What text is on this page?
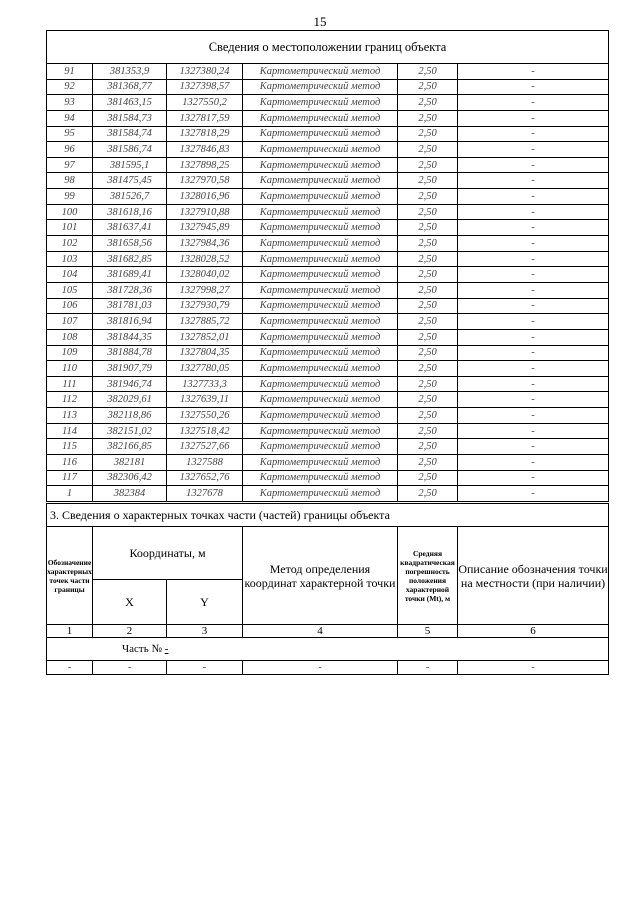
15
Сведения о местоположении границ объекта					
91	381353,9	1327380,24	Картометрический метод	2,50	-
92	381368,77	1327398,57	Картометрический метод	2,50	-
93	381463,15	1327550,2	Картометрический метод	2,50	-
94	381584,73	1327817,59	Картометрический метод	2,50	-
95	381584,74	1327818,29	Картометрический метод	2,50	-
96	381586,74	1327846,83	Картометрический метод	2,50	-
97	381595,1	1327898,25	Картометрический метод	2,50	-
98	381475,45	1327970,58	Картометрический метод	2,50	-
99	381526,7	1328016,96	Картометрический метод	2,50	-
100	381618,16	1327910,88	Картометрический метод	2,50	-
101	381637,41	1327945,89	Картометрический метод	2,50	-
102	381658,56	1327984,36	Картометрический метод	2,50	-
103	381682,85	1328028,52	Картометрический метод	2,50	-
104	381689,41	1328040,02	Картометрический метод	2,50	-
105	381728,36	1327998,27	Картометрический метод	2,50	-
106	381781,03	1327930,79	Картометрический метод	2,50	-
107	381816,94	1327885,72	Картометрический метод	2,50	-
108	381844,35	1327852,01	Картометрический метод	2,50	-
109	381884,78	1327804,35	Картометрический метод	2,50	-
110	381907,79	1327780,05	Картометрический метод	2,50	-
111	381946,74	1327733,3	Картометрический метод	2,50	-
112	382029,61	1327639,11	Картометрический метод	2,50	-
113	382118,86	1327550,26	Картометрический метод	2,50	-
114	382151,02	1327518,42	Картометрический метод	2,50	-
115	382166,85	1327527,66	Картометрический метод	2,50	-
116	382181	1327588	Картометрический метод	2,50	-
117	382306,42	1327652,76	Картометрический метод	2,50	-
1	382384	1327678	Картометрический метод	2,50	-
3. Сведения о характерных точках части (частей) границы объекта					
Обозначение характерных точек части границы	Координаты, м		Метод определения координат характерной точки	Средняя квадратическая погрешность положения характерной точки (Mt), м	Описание обозначения точки на местности (при наличии)
	X	Y			
1	2	3	4	5	6
Часть № -					
-	-	-	-	-	-
